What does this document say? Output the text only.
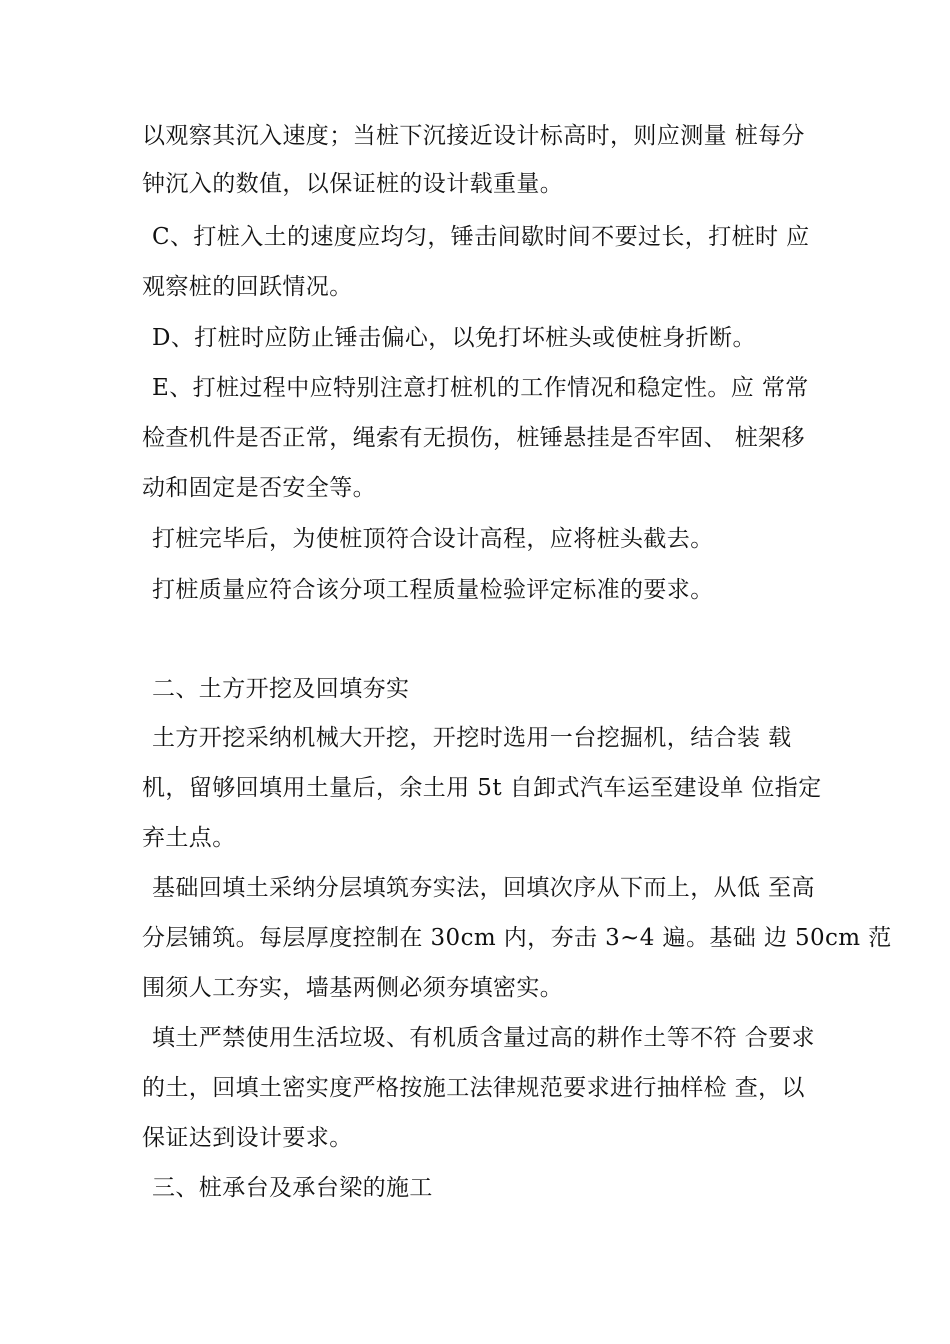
以观察其沉入速度；当桩下沉接近设计标高时，则应测量 桩每分
钟沉入的数值，以保证桩的设计载重量。
C、打桩入土的速度应均匀，锤击间歇时间不要过长，打桩时 应
观察桩的回跃情况。
D、打桩时应防止锤击偏心，以免打坏桩头或使桩身折断。
E、打桩过程中应特别注意打桩机的工作情况和稳定性。应 常常
检查机件是否正常，绳索有无损伤，桩锤悬挂是否牢固、 桩架移
动和固定是否安全等。
打桩完毕后，为使桩顶符合设计高程，应将桩头截去。
打桩质量应符合该分项工程质量检验评定标准的要求。
二、土方开挖及回填夯实
土方开挖采纳机械大开挖，开挖时选用一台挖掘机，结合装 载
机，留够回填用土量后，余土用 5t 自卸式汽车运至建设单 位指定
弃土点。
基础回填土采纳分层填筑夯实法，回填次序从下而上，从低 至高
分层铺筑。每层厚度控制在 30cm 内，夯击 3~4 遍。基础 边 50cm 范
围须人工夯实，墙基两侧必须夯填密实。
填土严禁使用生活垃圾、有机质含量过高的耕作土等不符 合要求
的土，回填土密实度严格按施工法律规范要求进行抽样检 查，以
保证达到设计要求。
三、桩承台及承台梁的施工
